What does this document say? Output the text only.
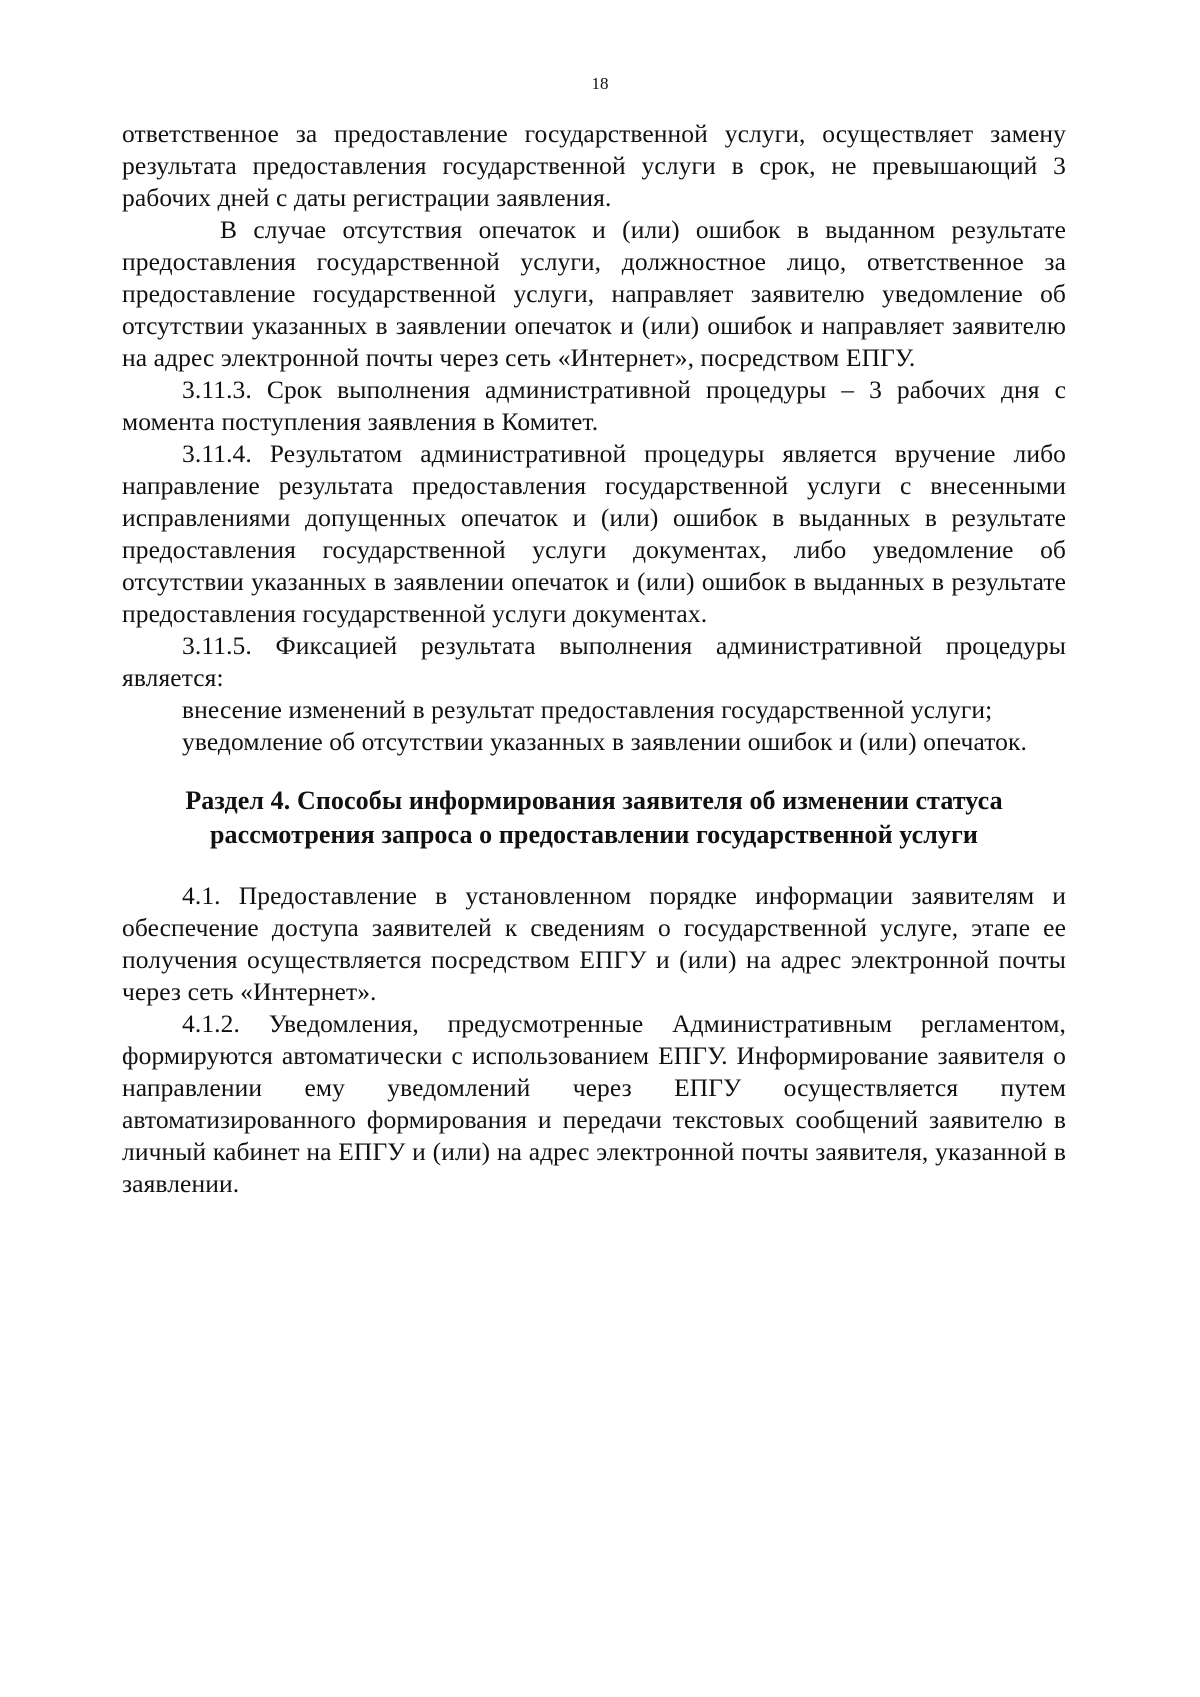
18

ответственное за предоставление государственной услуги, осуществляет замену результата предоставления государственной услуги в срок, не превышающий 3 рабочих дней с даты регистрации заявления.

В случае отсутствия опечаток и (или) ошибок в выданном результате предоставления государственной услуги, должностное лицо, ответственное за предоставление государственной услуги, направляет заявителю уведомление об отсутствии указанных в заявлении опечаток и (или) ошибок и направляет заявителю на адрес электронной почты через сеть «Интернет», посредством ЕПГУ.

3.11.3. Срок выполнения административной процедуры – 3 рабочих дня с момента поступления заявления в Комитет.

3.11.4. Результатом административной процедуры является вручение либо направление результата предоставления государственной услуги с внесенными исправлениями допущенных опечаток и (или) ошибок в выданных в результате предоставления государственной услуги документах, либо уведомление об отсутствии указанных в заявлении опечаток и (или) ошибок в выданных в результате предоставления государственной услуги документах.

3.11.5. Фиксацией результата выполнения административной процедуры является:

внесение изменений в результат предоставления государственной услуги;

уведомление об отсутствии указанных в заявлении ошибок и (или) опечаток.

Раздел 4. Способы информирования заявителя об изменении статуса
рассмотрения запроса о предоставлении государственной услуги

4.1. Предоставление в установленном порядке информации заявителям и обеспечение доступа заявителей к сведениям о государственной услуге, этапе ее получения осуществляется посредством ЕПГУ и (или) на адрес электронной почты через сеть «Интернет».

4.1.2. Уведомления, предусмотренные Административным регламентом, формируются автоматически с использованием ЕПГУ. Информирование заявителя о направлении ему уведомлений через ЕПГУ осуществляется путем автоматизированного формирования и передачи текстовых сообщений заявителю в личный кабинет на ЕПГУ и (или) на адрес электронной почты заявителя, указанной в заявлении.
